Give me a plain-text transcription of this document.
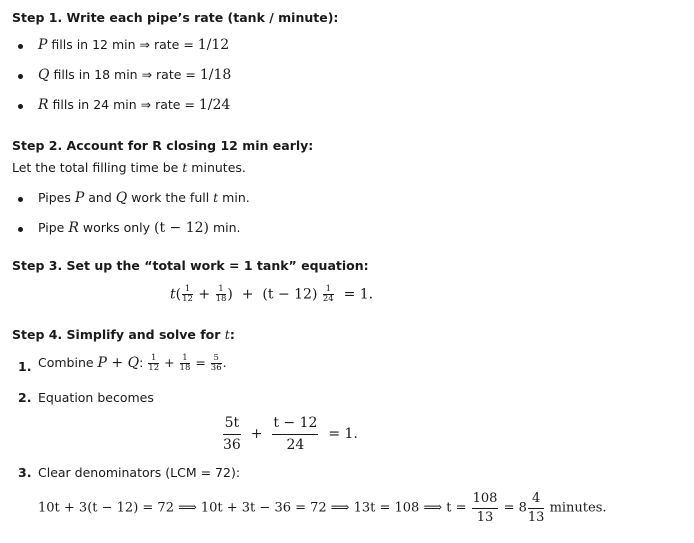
Step 1. Write each pipe’s rate (tank / minute):
P fills in 12 min ⇒ rate = 1/12
Q fills in 18 min ⇒ rate = 1/18
R fills in 24 min ⇒ rate = 1/24
Step 2. Account for R closing 12 min early:
Let the total filling time be t minutes.
Pipes P and Q work the full t min.
Pipe R works only (t − 12) min.
Step 3. Set up the “total work = 1 tank” equation:
$t( \frac{1}{12} + \frac{1}{18}$ )  +  $(t - 12) \frac{1}{24} = 1$.
Step 4. Simplify and solve for t:
1. Combine P + Q: $\frac{1}{12} + \frac{1}{18} = \frac{5}{36}$ .
2. Equation becomes
$\frac{5t}{36} + \frac{t - 12}{24} = 1$.
3. Clear denominators (LCM = 72):
10t + 3(t − 12) = 72 ⟹ 10t + 3t − 36 = 72 ⟹ 13t = 108 ⟹ $t = \frac{108}{13} = 8 \frac{4}{13}$ minutes.
